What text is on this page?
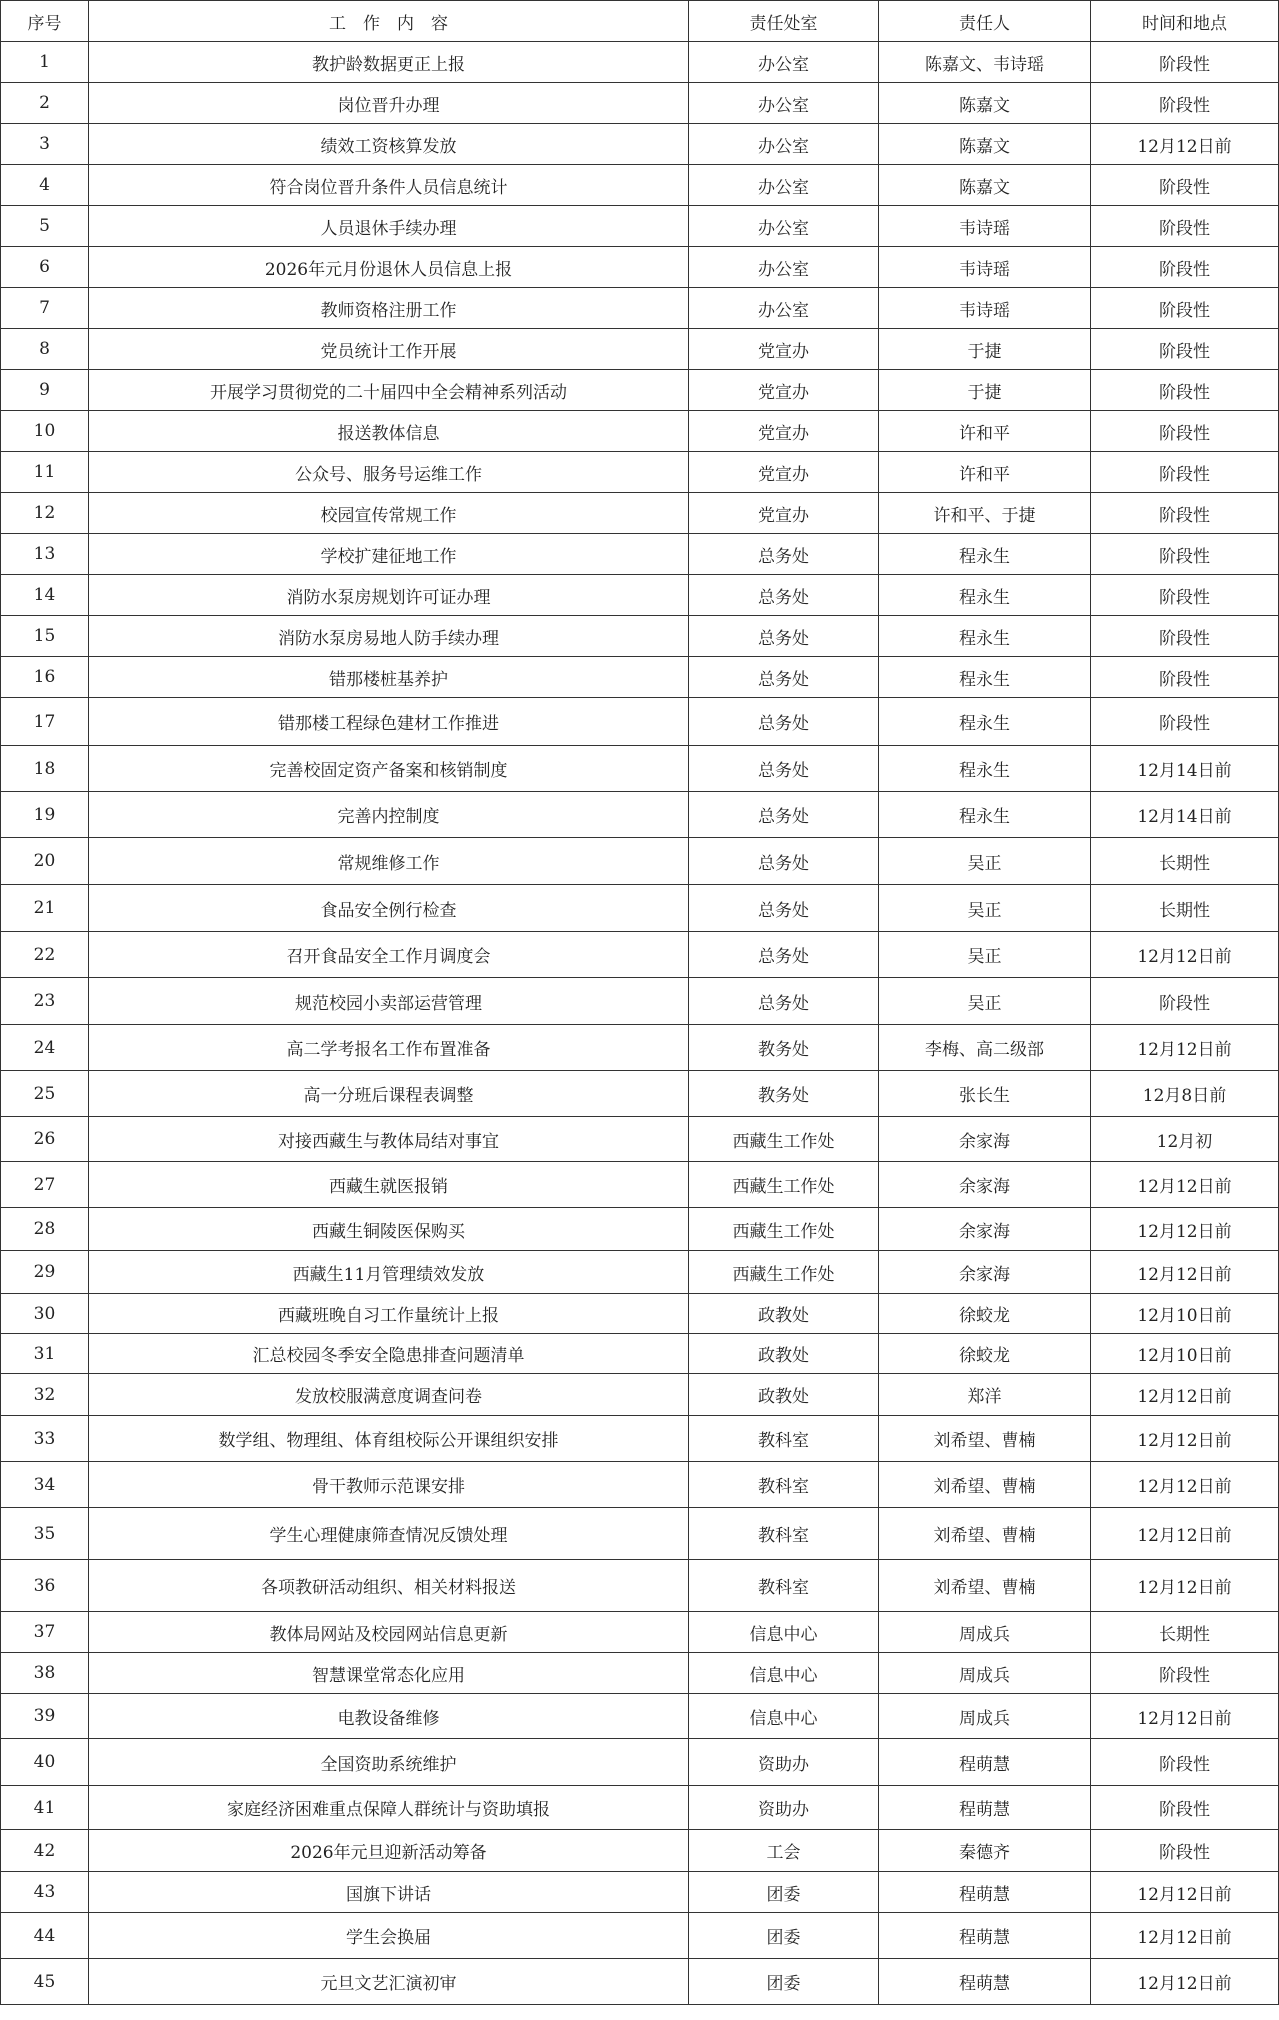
序号	工　作　内　容	责任处室	责任人	时间和地点
1	教护龄数据更正上报	办公室	陈嘉文、韦诗瑶	阶段性
2	岗位晋升办理	办公室	陈嘉文	阶段性
3	绩效工资核算发放	办公室	陈嘉文	12月12日前
4	符合岗位晋升条件人员信息统计	办公室	陈嘉文	阶段性
5	人员退休手续办理	办公室	韦诗瑶	阶段性
6	2026年元月份退休人员信息上报	办公室	韦诗瑶	阶段性
7	教师资格注册工作	办公室	韦诗瑶	阶段性
8	党员统计工作开展	党宣办	于捷	阶段性
9	开展学习贯彻党的二十届四中全会精神系列活动	党宣办	于捷	阶段性
10	报送教体信息	党宣办	许和平	阶段性
11	公众号、服务号运维工作	党宣办	许和平	阶段性
12	校园宣传常规工作	党宣办	许和平、于捷	阶段性
13	学校扩建征地工作	总务处	程永生	阶段性
14	消防水泵房规划许可证办理	总务处	程永生	阶段性
15	消防水泵房易地人防手续办理	总务处	程永生	阶段性
16	错那楼桩基养护	总务处	程永生	阶段性
17	错那楼工程绿色建材工作推进	总务处	程永生	阶段性
18	完善校固定资产备案和核销制度	总务处	程永生	12月14日前
19	完善内控制度	总务处	程永生	12月14日前
20	常规维修工作	总务处	吴正	长期性
21	食品安全例行检查	总务处	吴正	长期性
22	召开食品安全工作月调度会	总务处	吴正	12月12日前
23	规范校园小卖部运营管理	总务处	吴正	阶段性
24	高二学考报名工作布置准备	教务处	李梅、高二级部	12月12日前
25	高一分班后课程表调整	教务处	张长生	12月8日前
26	对接西藏生与教体局结对事宜	西藏生工作处	余家海	12月初
27	西藏生就医报销	西藏生工作处	余家海	12月12日前
28	西藏生铜陵医保购买	西藏生工作处	余家海	12月12日前
29	西藏生11月管理绩效发放	西藏生工作处	余家海	12月12日前
30	西藏班晚自习工作量统计上报	政教处	徐蛟龙	12月10日前
31	汇总校园冬季安全隐患排查问题清单	政教处	徐蛟龙	12月10日前
32	发放校服满意度调查问卷	政教处	郑洋	12月12日前
33	数学组、物理组、体育组校际公开课组织安排	教科室	刘希望、曹楠	12月12日前
34	骨干教师示范课安排	教科室	刘希望、曹楠	12月12日前
35	学生心理健康筛查情况反馈处理	教科室	刘希望、曹楠	12月12日前
36	各项教研活动组织、相关材料报送	教科室	刘希望、曹楠	12月12日前
37	教体局网站及校园网站信息更新	信息中心	周成兵	长期性
38	智慧课堂常态化应用	信息中心	周成兵	阶段性
39	电教设备维修	信息中心	周成兵	12月12日前
40	全国资助系统维护	资助办	程萌慧	阶段性
41	家庭经济困难重点保障人群统计与资助填报	资助办	程萌慧	阶段性
42	2026年元旦迎新活动筹备	工会	秦德齐	阶段性
43	国旗下讲话	团委	程萌慧	12月12日前
44	学生会换届	团委	程萌慧	12月12日前
45	元旦文艺汇演初审	团委	程萌慧	12月12日前
